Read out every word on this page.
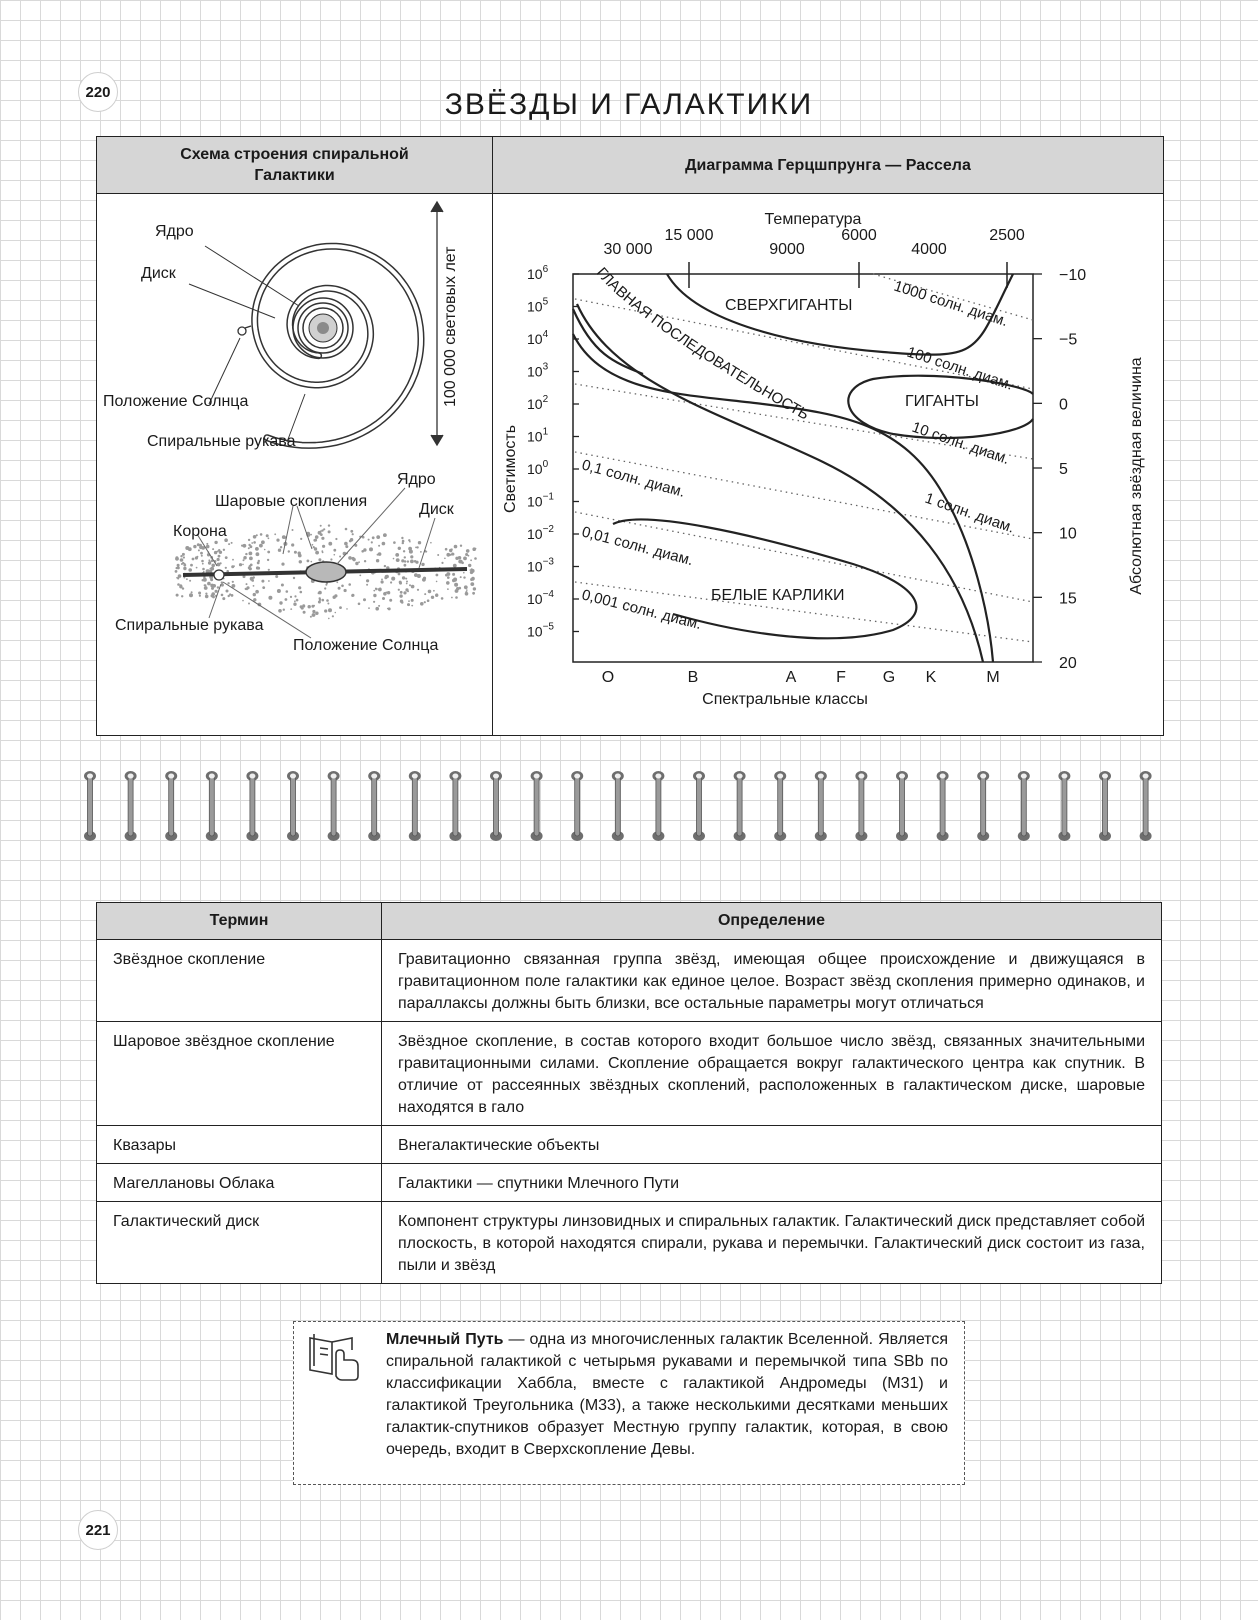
220	ЗВЁЗДЫ И ГАЛАКТИКИ
Схема строения спиральной
Галактики
Диаграмма Герцшпрунга — Рассела
Ядро
Диск
Положение Солнца
Спиральные рукава
100 000 световых лет
Ядро
Шаровые скопления	Диск
Корона
Спиральные рукава
Положение Солнца
$10^6$
$10^5$
$10^4$
$10^3$
$10^2$
$10^1$
$10^0$
$10^{-1}$
$10^{-2}$
$10^{-3}$
$10^{-4}$
$10^{-5}$
−10
−5
0
5
10
15
20
30 000
15 000
9000
6000
4000
2500
O	B	A F G K	M
СВЕРХГИГАНТЫ
ГИГАНТЫ
ГЛАВНАЯ ПОСЛЕДОВАТЕЛЬНОСТЬ
БЕЛЫЕ КАРЛИКИ
1000 солн. диам.
100 солн. диам.
10 солн. диам.
1 солн. диам.
0,1 солн. диам.
0,01 солн. диам.
0,001 солн. диам.
Температура
Спектральные классы
Светимость	Абсолютная звёздная величина
Термин	Определение
Звёздное скопление	Гравитационно связанная группа звёзд, имеющая общее происхождение и движущаяся в гравитационном поле галактики как единое целое. Возраст звёзд скопления примерно одинаков, и параллаксы должны быть близки, все остальные параметры могут отличаться
Шаровое звёздное скопление	Звёздное скопление, в состав которого входит большое число звёзд, связанных значительными гравитационными силами. Скопление обращается вокруг галактического центра как спутник. В отличие от рассеянных звёздных скоплений, расположенных в галактическом диске, шаровые находятся в гало
Квазары	Внегалактические объекты
Магеллановы Облака	Галактики — спутники Млечного Пути
Галактический диск	Компонент структуры линзовидных и спиральных галактик. Галактический диск представляет собой плоскость, в которой находятся спирали, рукава и перемычки. Галактический диск состоит из газа, пыли и звёзд
Млечный Путь — одна из многочисленных галактик Вселенной. Является спиральной галактикой с четырьмя рукавами и перемычкой типа SBb по классификации Хаббла, вместе с галактикой Андромеды (М31) и галактикой Треугольника (М33), а также несколькими десятками меньших галактик-спутников образует Местную группу галактик, которая, в свою очередь, входит в Сверхскопление Девы.
221
